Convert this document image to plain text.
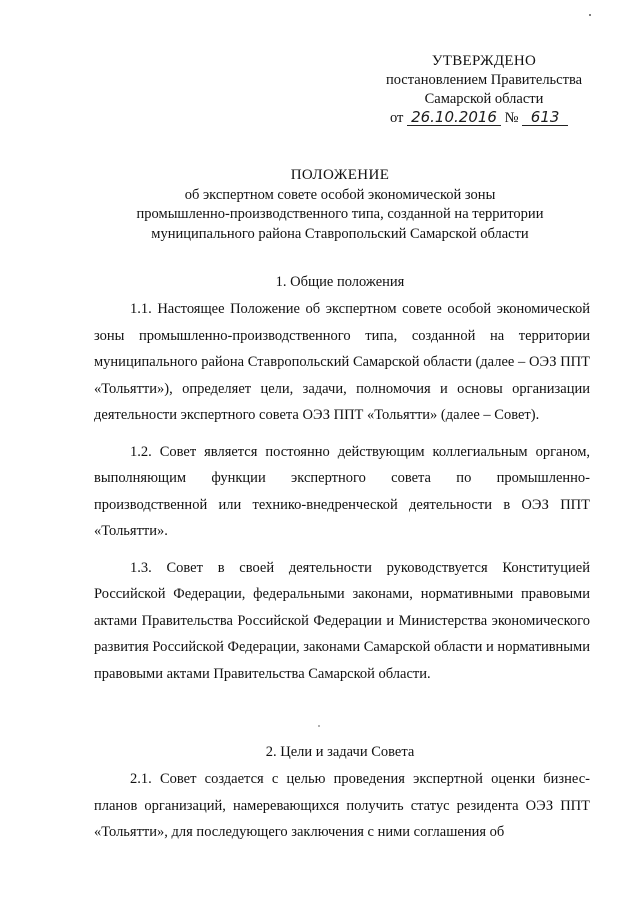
УТВЕРЖДЕНО
постановлением Правительства
Самарской области
от 26.10.2016 № 613
ПОЛОЖЕНИЕ
об экспертном совете особой экономической зоны
промышленно-производственного типа, созданной на территории
муниципального района Ставропольский Самарской области
1. Общие положения

1.1. Настоящее Положение об экспертном совете особой экономической зоны промышленно-производственного типа, созданной на территории муниципального района Ставропольский Самарской области (далее – ОЭЗ ППТ «Тольятти»), определяет цели, задачи, полномочия и основы организации деятельности экспертного совета ОЭЗ ППТ «Тольятти» (далее – Совет).

1.2. Совет является постоянно действующим коллегиальным органом, выполняющим функции экспертного совета по промышленно-производственной или технико-внедренческой деятельности в ОЭЗ ППТ «Тольятти».

1.3. Совет в своей деятельности руководствуется Конституцией Российской Федерации, федеральными законами, нормативными правовыми актами Правительства Российской Федерации и Министерства экономического развития Российской Федерации, законами Самарской области и нормативными правовыми актами Правительства Самарской области.

2. Цели и задачи Совета

2.1. Совет создается с целью проведения экспертной оценки бизнес-планов организаций, намеревающихся получить статус резидента ОЭЗ ППТ «Тольятти», для последующего заключения с ними соглашения об
